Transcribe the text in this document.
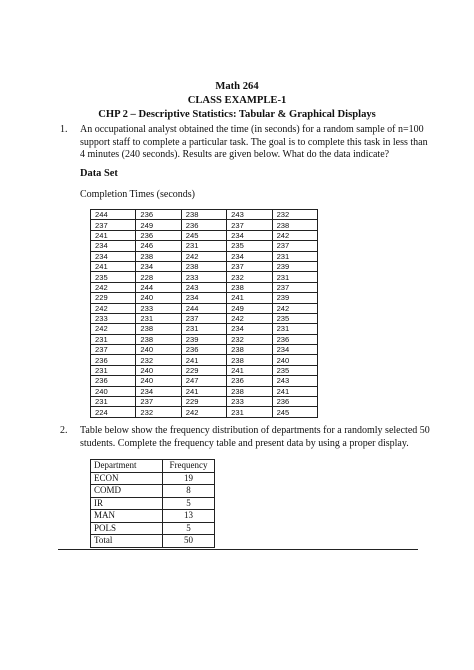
Math 264
CLASS EXAMPLE-1
CHP 2 – Descriptive Statistics: Tabular & Graphical Displays
1. An occupational analyst obtained the time (in seconds) for a random sample of n=100 support staff to complete a particular task. The goal is to complete this task in less than 4 minutes (240 seconds). Results are given below. What do the data indicate?
Data Set
Completion Times (seconds)
244	236	238	243	232
237	249	236	237	238
241	236	245	234	242
234	246	231	235	237
234	238	242	234	231
241	234	238	237	239
235	228	233	232	231
242	244	243	238	237
229	240	234	241	239
242	233	244	249	242
233	231	237	242	235
242	238	231	234	231
231	238	239	232	236
237	240	236	238	234
236	232	241	238	240
231	240	229	241	235
236	240	247	236	243
240	234	241	238	241
231	237	229	233	236
224	232	242	231	245
2. Table below show the frequency distribution of departments for a randomly selected 50 students. Complete the frequency table and present data by using a proper display.
Department	Frequency
ECON	19
COMD	8
IR	5
MAN	13
POLS	5
Total	50
